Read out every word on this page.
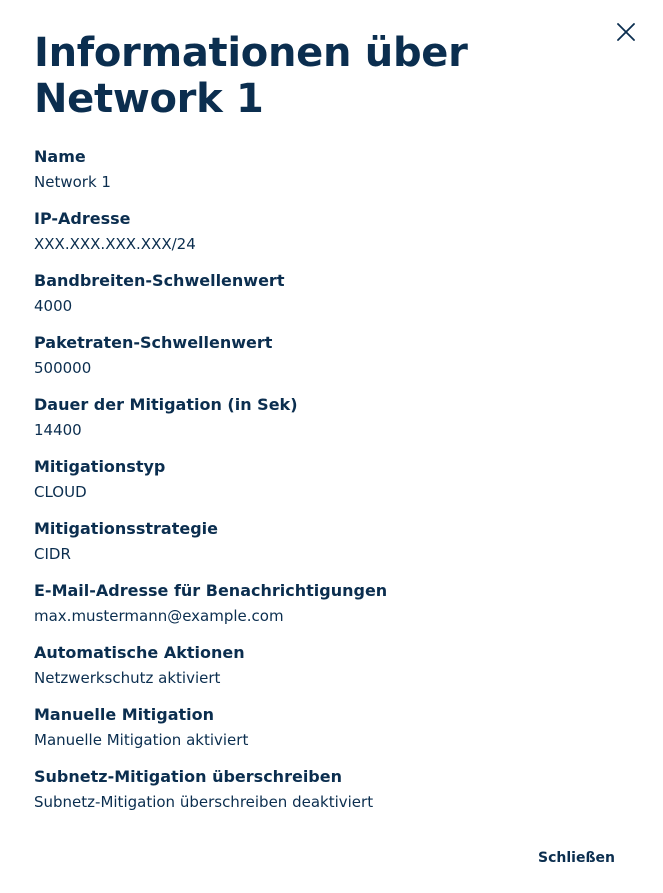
Informationen über Network 1
Name
Network 1
IP-Adresse
XXX.XXX.XXX.XXX/24
Bandbreiten-Schwellenwert
4000
Paketraten-Schwellenwert
500000
Dauer der Mitigation (in Sek)
14400
Mitigationstyp
CLOUD
Mitigationsstrategie
CIDR
E-Mail-Adresse für Benachrichtigungen
max.mustermann@example.com
Automatische Aktionen
Netzwerkschutz aktiviert
Manuelle Mitigation
Manuelle Mitigation aktiviert
Subnetz-Mitigation überschreiben
Subnetz-Mitigation überschreiben deaktiviert
Schließen
